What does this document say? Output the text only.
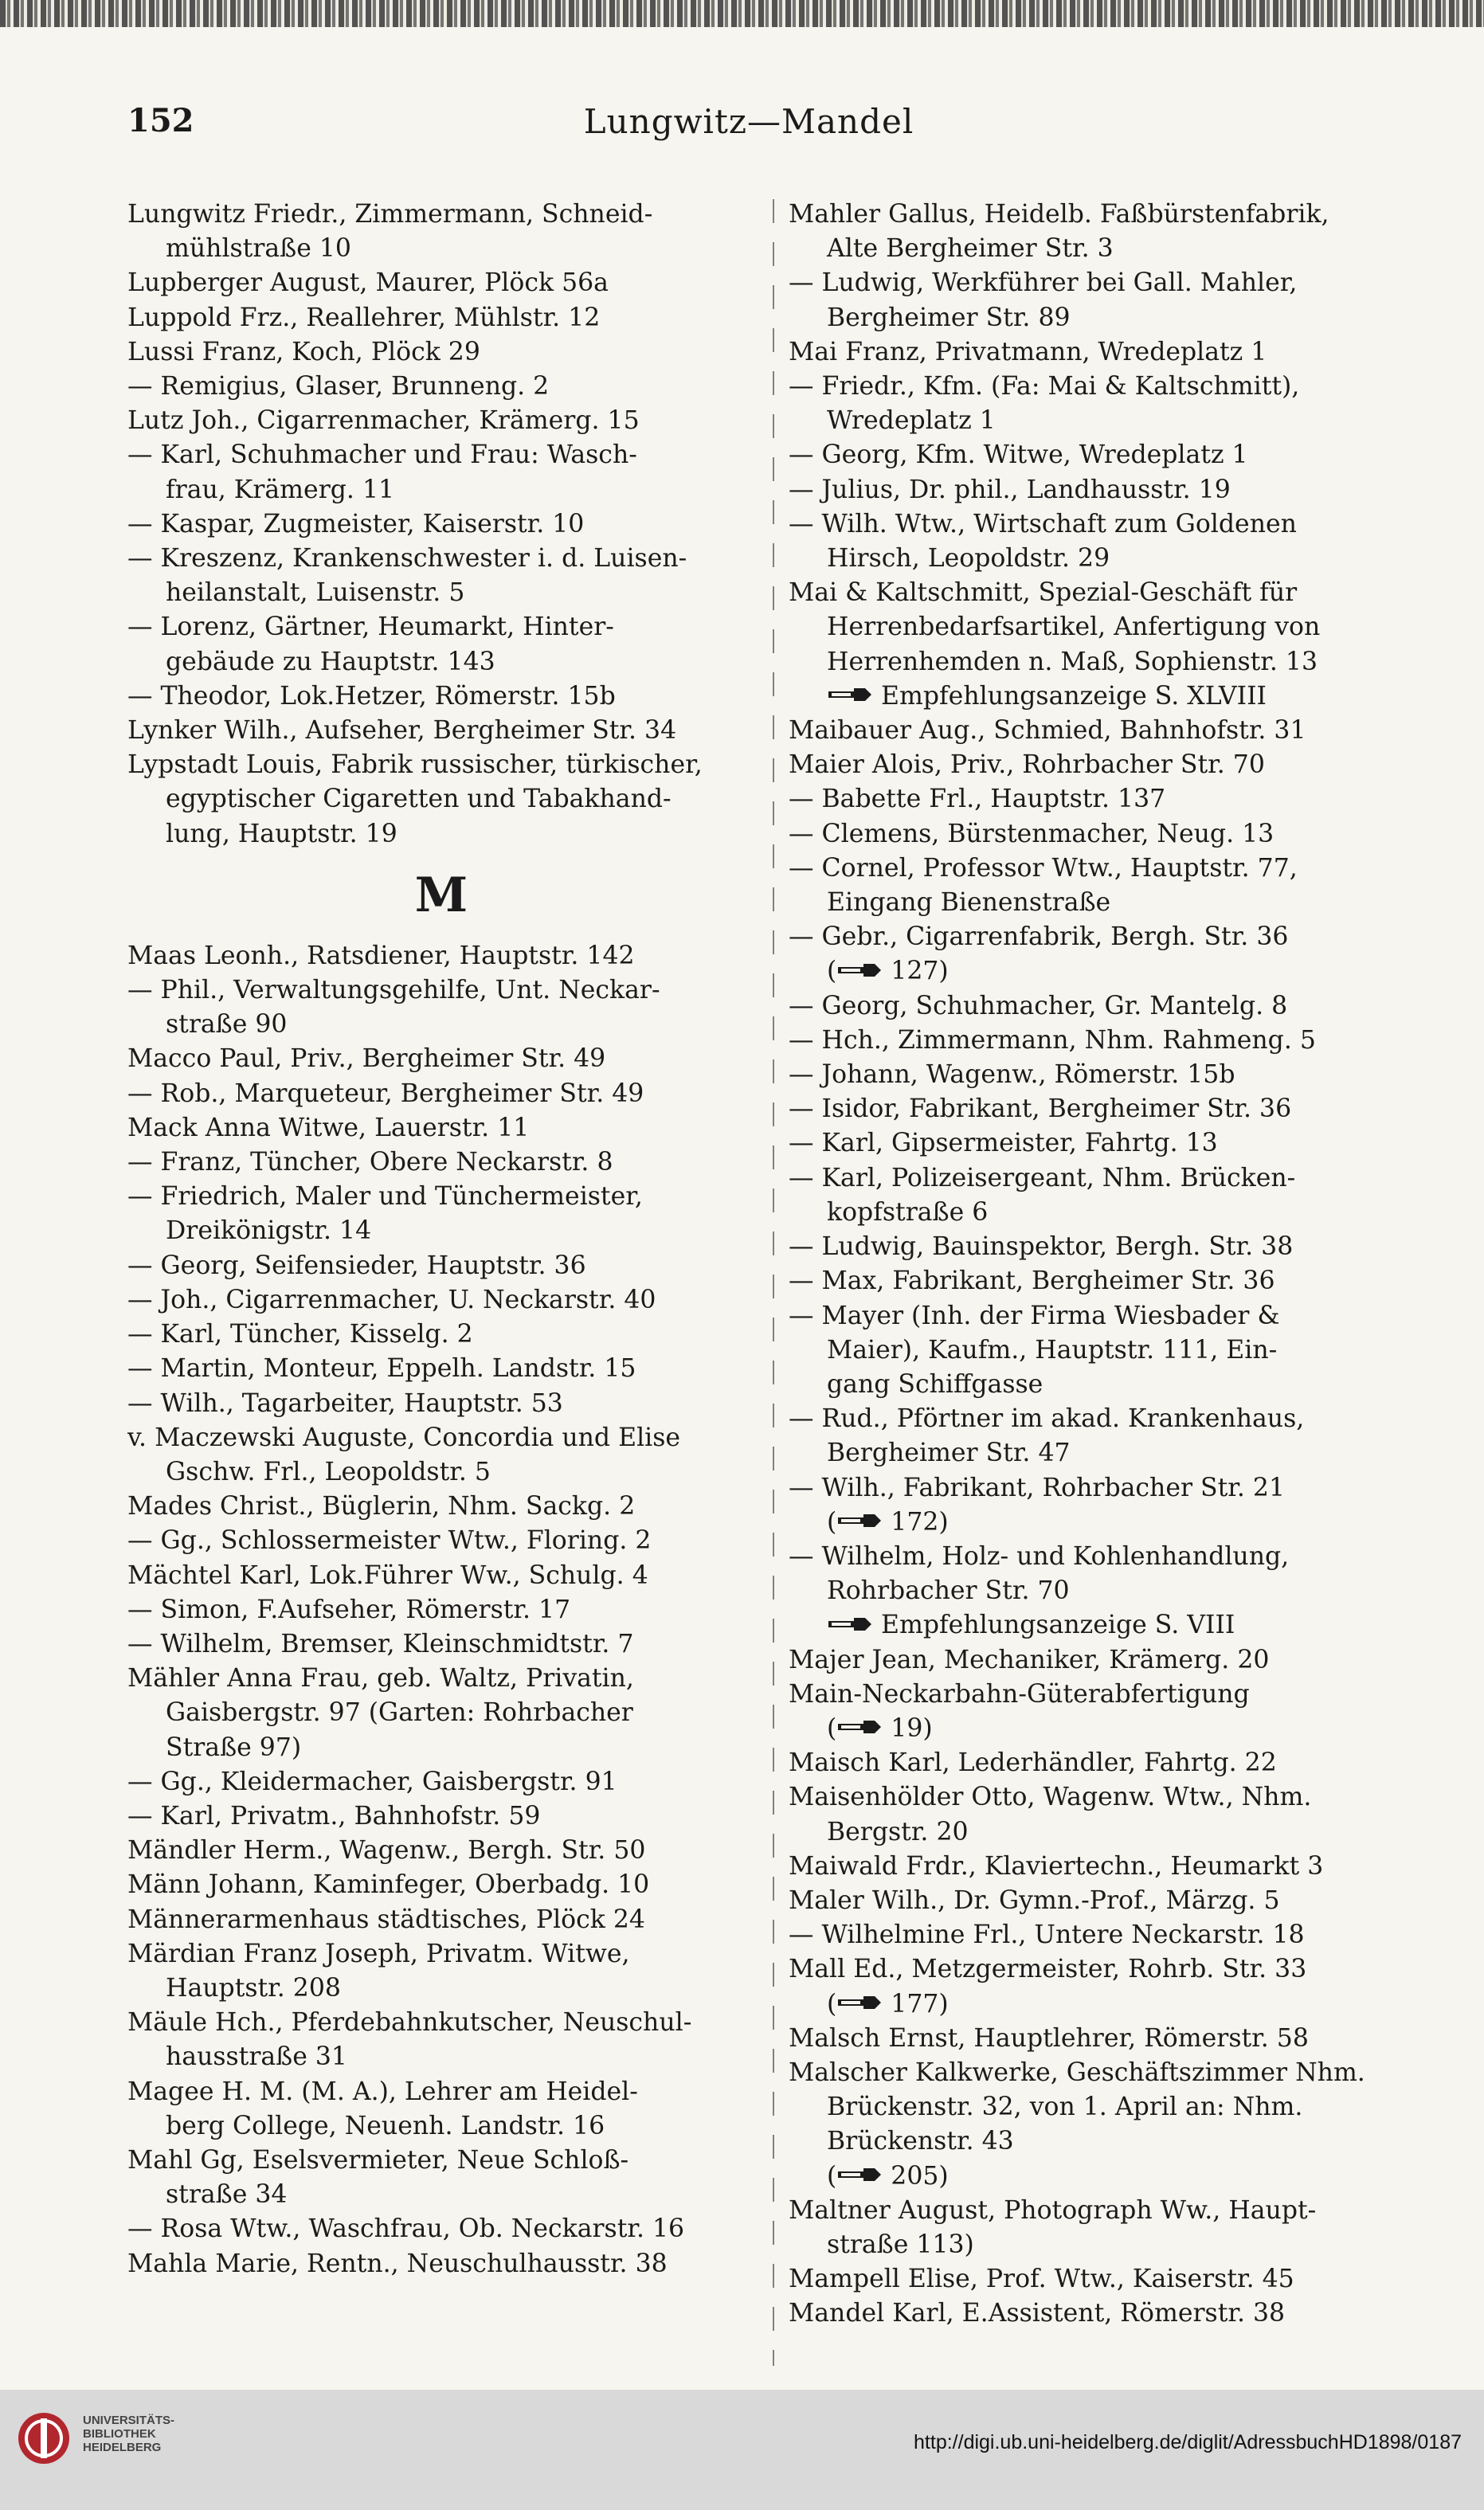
152	Lungwitz—Mandel
Lungwitz Friedr., Zimmermann, Schneid-
mühlstraße 10
Lupberger August, Maurer, Plöck 56a
Luppold Frz., Reallehrer, Mühlstr. 12
Lussi Franz, Koch, Plöck 29
— Remigius, Glaser, Brunneng. 2
Lutz Joh., Cigarrenmacher, Krämerg. 15
— Karl, Schuhmacher und Frau: Wasch-
frau, Krämerg. 11
— Kaspar, Zugmeister, Kaiserstr. 10
— Kreszenz, Krankenschwester i. d. Luisen-
heilanstalt, Luisenstr. 5
— Lorenz, Gärtner, Heumarkt, Hinter-
gebäude zu Hauptstr. 143
— Theodor, Lok.Hetzer, Römerstr. 15b
Lynker Wilh., Aufseher, Bergheimer Str. 34
Lypstadt Louis, Fabrik russischer, türkischer,
egyptischer Cigaretten und Tabakhand-
lung, Hauptstr. 19
M
Maas Leonh., Ratsdiener, Hauptstr. 142
— Phil., Verwaltungsgehilfe, Unt. Neckar-
straße 90
Macco Paul, Priv., Bergheimer Str. 49
— Rob., Marqueteur, Bergheimer Str. 49
Mack Anna Witwe, Lauerstr. 11
— Franz, Tüncher, Obere Neckarstr. 8
— Friedrich, Maler und Tünchermeister,
Dreikönigstr. 14
— Georg, Seifensieder, Hauptstr. 36
— Joh., Cigarrenmacher, U. Neckarstr. 40
— Karl, Tüncher, Kisselg. 2
— Martin, Monteur, Eppelh. Landstr. 15
— Wilh., Tagarbeiter, Hauptstr. 53
v. Maczewski Auguste, Concordia und Elise
Gschw. Frl., Leopoldstr. 5
Mades Christ., Büglerin, Nhm. Sackg. 2
— Gg., Schlossermeister Wtw., Floring. 2
Mächtel Karl, Lok.Führer Ww., Schulg. 4
— Simon, F.Aufseher, Römerstr. 17
— Wilhelm, Bremser, Kleinschmidtstr. 7
Mähler Anna Frau, geb. Waltz, Privatin,
Gaisbergstr. 97 (Garten: Rohrbacher
Straße 97)
— Gg., Kleidermacher, Gaisbergstr. 91
— Karl, Privatm., Bahnhofstr. 59
Mändler Herm., Wagenw., Bergh. Str. 50
Männ Johann, Kaminfeger, Oberbadg. 10
Männerarmenhaus städtisches, Plöck 24
Märdian Franz Joseph, Privatm. Witwe,
Hauptstr. 208
Mäule Hch., Pferdebahnkutscher, Neuschul-
hausstraße 31
Magee H. M. (M. A.), Lehrer am Heidel-
berg College, Neuenh. Landstr. 16
Mahl Gg, Eselsvermieter, Neue Schloß-
straße 34
— Rosa Wtw., Waschfrau, Ob. Neckarstr. 16
Mahla Marie, Rentn., Neuschulhausstr. 38
Mahler Gallus, Heidelb. Faßbürstenfabrik,
Alte Bergheimer Str. 3
— Ludwig, Werkführer bei Gall. Mahler,
Bergheimer Str. 89
Mai Franz, Privatmann, Wredeplatz 1
— Friedr., Kfm. (Fa: Mai & Kaltschmitt),
Wredeplatz 1
— Georg, Kfm. Witwe, Wredeplatz 1
— Julius, Dr. phil., Landhausstr. 19
— Wilh. Wtw., Wirtschaft zum Goldenen
Hirsch, Leopoldstr. 29
Mai & Kaltschmitt, Spezial-Geschäft für
Herrenbedarfsartikel, Anfertigung von
Herrenhemden n. Maß, Sophienstr. 13
Empfehlungsanzeige S. XLVIII
Maibauer Aug., Schmied, Bahnhofstr. 31
Maier Alois, Priv., Rohrbacher Str. 70
— Babette Frl., Hauptstr. 137
— Clemens, Bürstenmacher, Neug. 13
— Cornel, Professor Wtw., Hauptstr. 77,
Eingang Bienenstraße
— Gebr., Cigarrenfabrik, Bergh. Str. 36
( 127)
— Georg, Schuhmacher, Gr. Mantelg. 8
— Hch., Zimmermann, Nhm. Rahmeng. 5
— Johann, Wagenw., Römerstr. 15b
— Isidor, Fabrikant, Bergheimer Str. 36
— Karl, Gipsermeister, Fahrtg. 13
— Karl, Polizeisergeant, Nhm. Brücken-
kopfstraße 6
— Ludwig, Bauinspektor, Bergh. Str. 38
— Max, Fabrikant, Bergheimer Str. 36
— Mayer (Inh. der Firma Wiesbader &
Maier), Kaufm., Hauptstr. 111, Ein-
gang Schiffgasse
— Rud., Pförtner im akad. Krankenhaus,
Bergheimer Str. 47
— Wilh., Fabrikant, Rohrbacher Str. 21
( 172)
— Wilhelm, Holz- und Kohlenhandlung,
Rohrbacher Str. 70
Empfehlungsanzeige S. VIII
Majer Jean, Mechaniker, Krämerg. 20
Main-Neckarbahn-Güterabfertigung
( 19)
Maisch Karl, Lederhändler, Fahrtg. 22
Maisenhölder Otto, Wagenw. Wtw., Nhm.
Bergstr. 20
Maiwald Frdr., Klaviertechn., Heumarkt 3
Maler Wilh., Dr. Gymn.-Prof., Märzg. 5
— Wilhelmine Frl., Untere Neckarstr. 18
Mall Ed., Metzgermeister, Rohrb. Str. 33
( 177)
Malsch Ernst, Hauptlehrer, Römerstr. 58
Malscher Kalkwerke, Geschäftszimmer Nhm.
Brückenstr. 32, von 1. April an: Nhm.
Brückenstr. 43
( 205)
Maltner August, Photograph Ww., Haupt-
straße 113)
Mampell Elise, Prof. Wtw., Kaiserstr. 45
Mandel Karl, E.Assistent, Römerstr. 38
UNIVERSITÄTS-
BIBLIOTHEK
HEIDELBERG	http://digi.ub.uni-heidelberg.de/diglit/AdressbuchHD1898/0187
